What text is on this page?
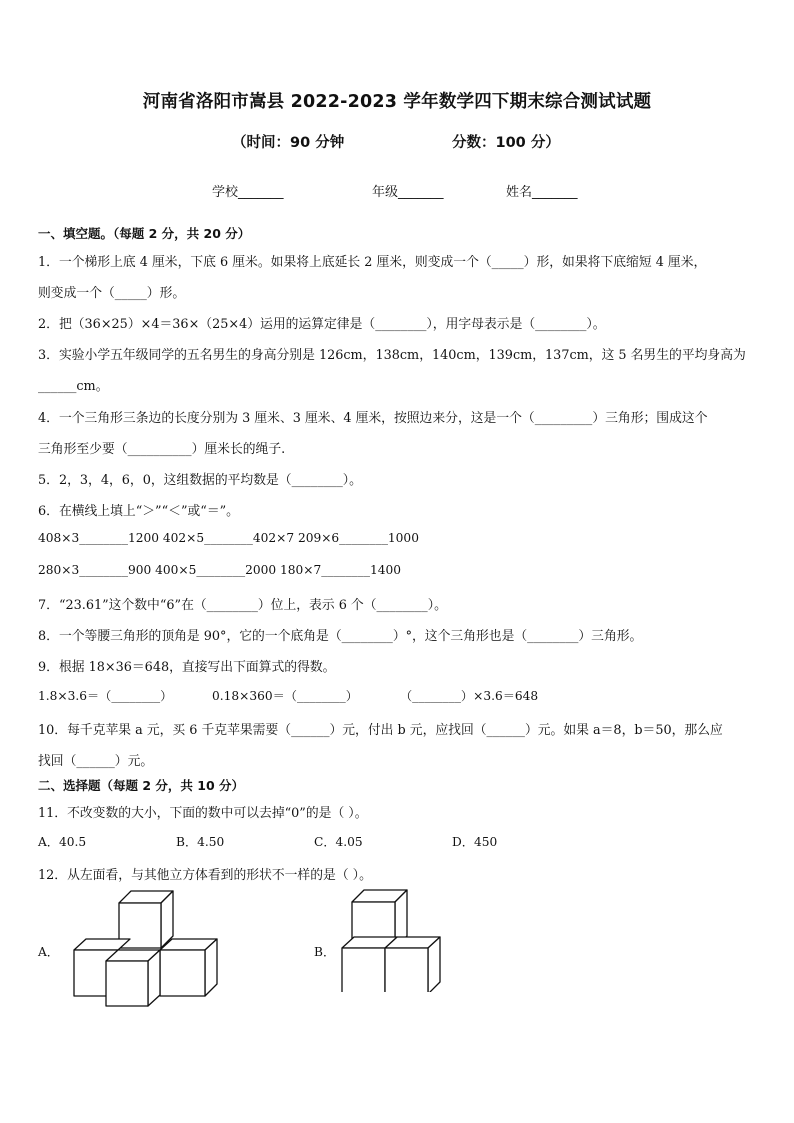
河南省洛阳市嵩县 2022-2023 学年数学四下期末综合测试试题
（时间：90 分钟	分数：100 分）
学校_______	年级_______	姓名_______
一、填空题。（每题 2 分，共 20 分）
1．一个梯形上底 4 厘米，下底 6 厘米。如果将上底延长 2 厘米，则变成一个（_____）形，如果将下底缩短 4 厘米，
则变成一个（_____）形。
2．把（36×25）×4＝36×（25×4）运用的运算定律是（________），用字母表示是（________）。
3．实验小学五年级同学的五名男生的身高分别是 126cm，138cm，140cm，139cm，137cm，这 5 名男生的平均身高为
______cm。
4．一个三角形三条边的长度分别为 3 厘米、3 厘米、4 厘米，按照边来分，这是一个（_________）三角形；围成这个
三角形至少要（__________）厘米长的绳子.
5．2，3，4，6，0，这组数据的平均数是（________）。
6．在横线上填上“＞”“＜”或“＝”。
408×3________1200 402×5________402×7 209×6________1000
280×3________900 400×5________2000 180×7________1400
7．“23.61”这个数中“6”在（________）位上，表示 6 个（________）。
8．一个等腰三角形的顶角是 90°，它的一个底角是（________）°，这个三角形也是（________）三角形。
9．根据 18×36＝648，直接写出下面算式的得数。
1.8×3.6＝（________）	0.18×360＝（________）	（________）×3.6＝648
10．每千克苹果 a 元，买 6 千克苹果需要（______）元，付出 b 元，应找回（______）元。如果 a＝8，b＝50，那么应
找回（______）元。
二、选择题（每题 2 分，共 10 分）
11．不改变数的大小，下面的数中可以去掉“0”的是（ ）。
A．40.5	B．4.50	C．4.05	D．450
12．从左面看，与其他立方体看到的形状不一样的是（ ）。
A．	B．
